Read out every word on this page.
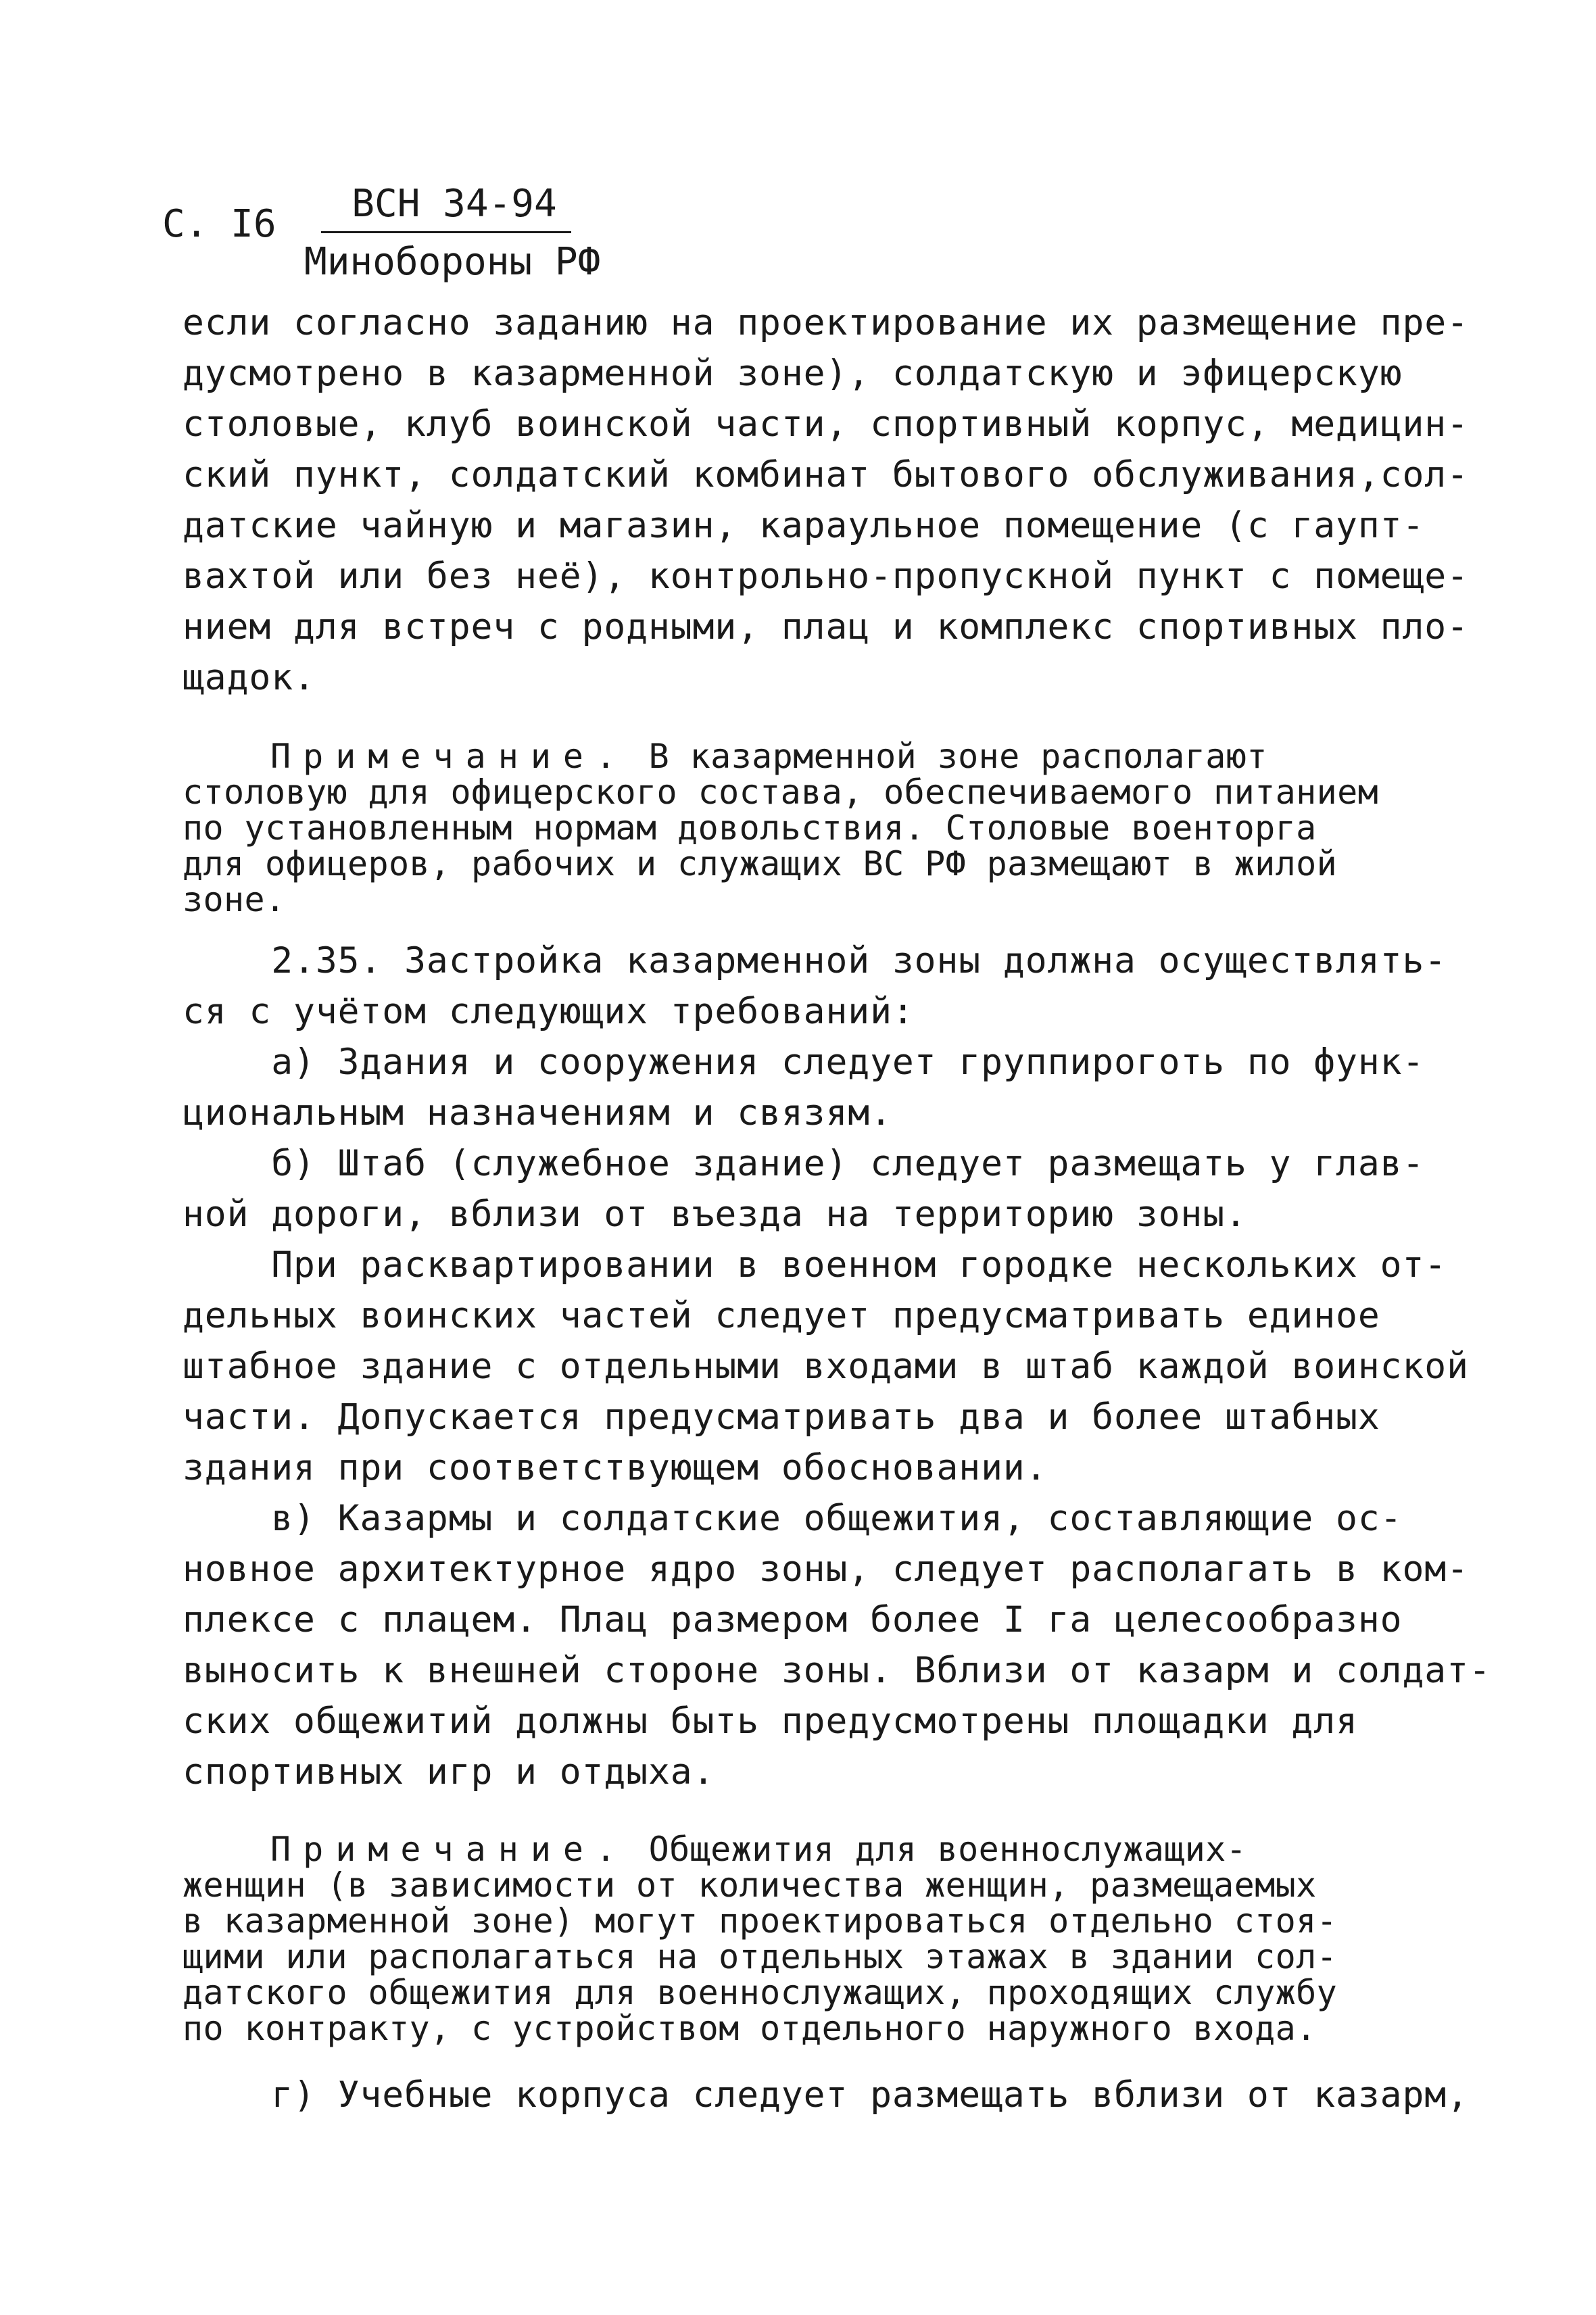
С. I6	ВСН 34-94
Минобороны РФ

если согласно заданию на проектирование их размещение пре-
дусмотрено в казарменной зоне), солдатскую и эфицерскую
столовые, клуб воинской части, спортивный корпус, медицин-
ский пункт, солдатский комбинат бытового обслуживания,сол-
датские чайную и магазин, караульное помещение (с гаупт-
вахтой или без неё), контрольно-пропускной пункт с помеще-
нием для встреч с родными, плац и комплекс спортивных пло-
щадок.

Примечание. В казарменной зоне располагают
столовую для офицерского состава, обеспечиваемого питанием
по установленным нормам довольствия. Столовые военторга
для офицеров, рабочих и служащих ВС РФ размещают в жилой
зоне.

2.35. Застройка казарменной зоны должна осуществлять-
ся с учётом следующих требований:
а) Здания и сооружения следует группироготь по функ-
циональным назначениям и связям.
б) Штаб (служебное здание) следует размещать у глав-
ной дороги, вблизи от въезда на территорию зоны.
При расквартировании в военном городке нескольких от-
дельных воинских частей следует предусматривать единое
штабное здание с отдельными входами в штаб каждой воинской
части. Допускается предусматривать два и более штабных
здания при соответствующем обосновании.
в) Казармы и солдатские общежития, составляющие ос-
новное архитектурное ядро зоны, следует располагать в ком-
плексе с плацем. Плац размером более I га целесообразно
выносить к внешней стороне зоны. Вблизи от казарм и солдат-
ских общежитий должны быть предусмотрены площадки для
спортивных игр и отдыха.

Примечание. Общежития для военнослужащих-
женщин (в зависимости от количества женщин, размещаемых
в казарменной зоне) могут проектироваться отдельно стоя-
щими или располагаться на отдельных этажах в здании сол-
датского общежития для военнослужащих, проходящих службу
по контракту, с устройством отдельного наружного входа.

г) Учебные корпуса следует размещать вблизи от казарм,
